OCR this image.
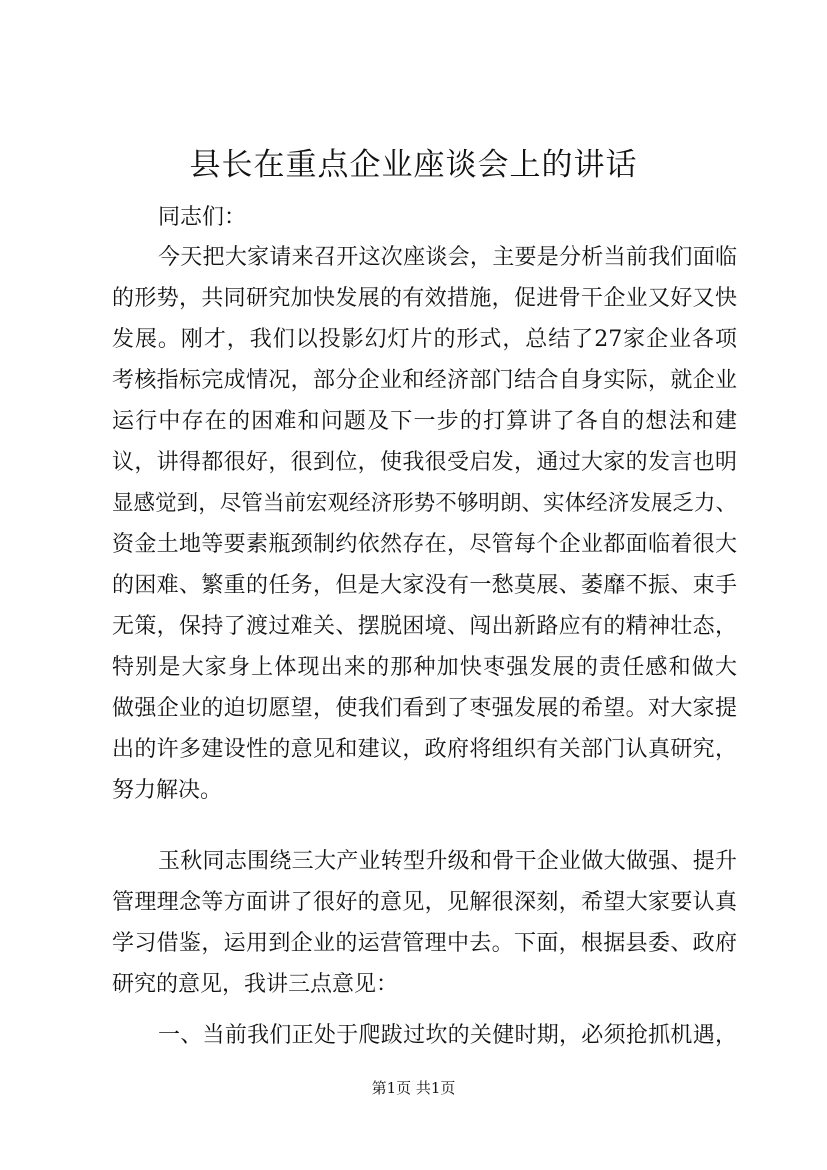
县长在重点企业座谈会上的讲话
同志们：
今天把大家请来召开这次座谈会，主要是分析当前我们面临
的形势，共同研究加快发展的有效措施，促进骨干企业又好又快
发展。刚才，我们以投影幻灯片的形式，总结了27家企业各项
考核指标完成情况，部分企业和经济部门结合自身实际，就企业
运行中存在的困难和问题及下一步的打算讲了各自的想法和建
议，讲得都很好，很到位，使我很受启发，通过大家的发言也明
显感觉到，尽管当前宏观经济形势不够明朗、实体经济发展乏力、
资金土地等要素瓶颈制约依然存在，尽管每个企业都面临着很大
的困难、繁重的任务，但是大家没有一愁莫展、萎靡不振、束手
无策，保持了渡过难关、摆脱困境、闯出新路应有的精神壮态，
特别是大家身上体现出来的那种加快枣强发展的责任感和做大
做强企业的迫切愿望，使我们看到了枣强发展的希望。对大家提
出的许多建设性的意见和建议，政府将组织有关部门认真研究，
努力解决。
玉秋同志围绕三大产业转型升级和骨干企业做大做强、提升
管理理念等方面讲了很好的意见，见解很深刻，希望大家要认真
学习借鉴，运用到企业的运营管理中去。下面，根据县委、政府
研究的意见，我讲三点意见：
一、当前我们正处于爬跋过坎的关健时期，必须抢抓机遇，
第1页 共1页
